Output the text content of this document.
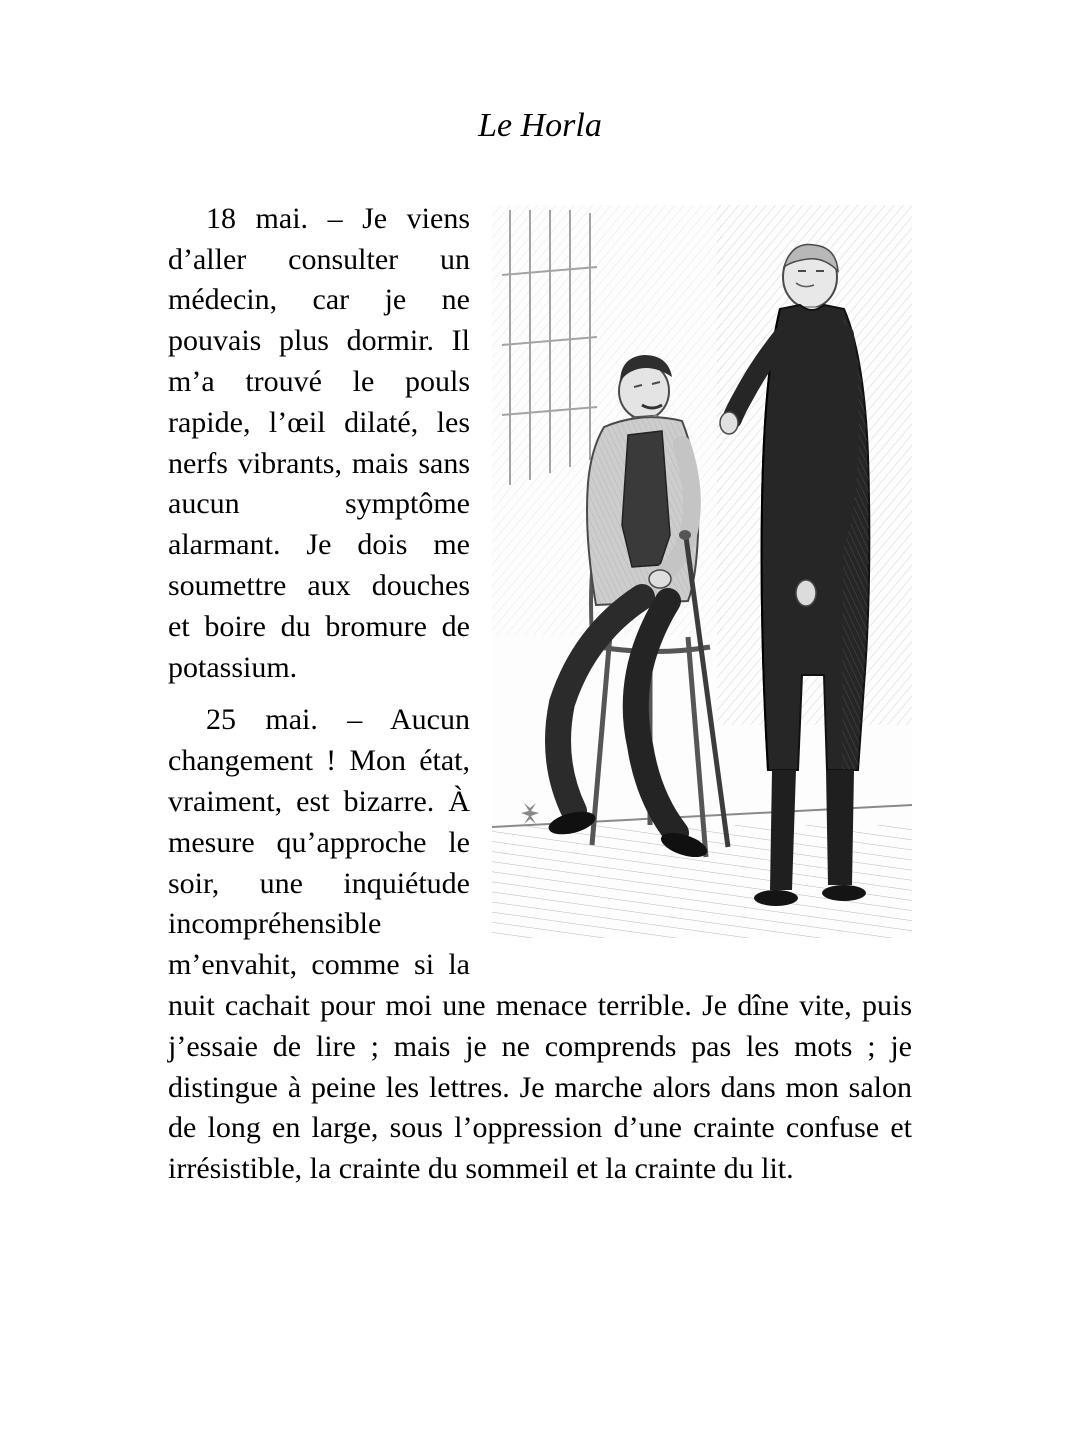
Le Horla

18 mai. – Je viens d’aller consulter un médecin, car je ne pouvais plus dormir. Il m’a trouvé le pouls rapide, l’œil dilaté, les nerfs vibrants, mais sans aucun symptôme alarmant. Je dois me soumettre aux douches et boire du bromure de potassium.

25 mai. – Aucun changement ! Mon état, vraiment, est bizarre. À mesure qu’approche le soir, une inquiétude incompréhensible m’envahit, comme si la nuit cachait pour moi une menace terrible. Je dîne vite, puis j’essaie de lire ; mais je ne comprends pas les mots ; je distingue à peine les lettres. Je marche alors dans mon salon de long en large, sous l’oppression d’une crainte confuse et irrésistible, la crainte du sommeil et la crainte du lit.
